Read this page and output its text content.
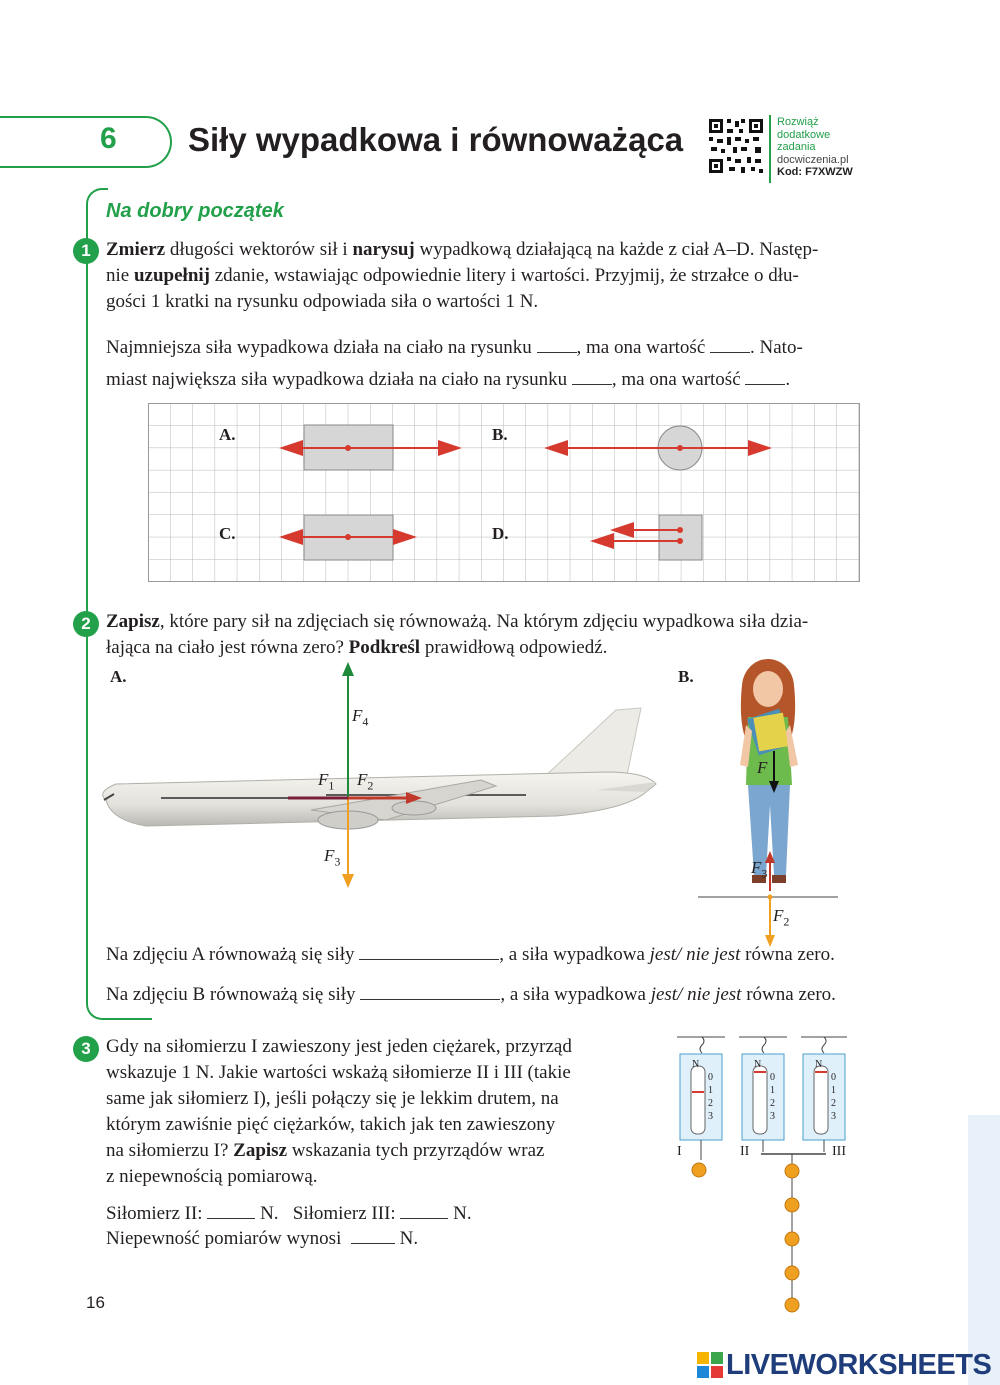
6 Siły wypadkowa i równoważąca	Rozwiąż
dodatkowe
zadania
docwiczenia.pl
Kod: F7XWZW
Na dobry początek
1 Zmierz długości wektorów sił i narysuj wypadkową działającą na każde z ciał A–D. Następ-
nie uzupełnij zdanie, wstawiając odpowiednie litery i wartości. Przyjmij, że strzałce o dłu-
gości 1 kratki na rysunku odpowiada siła o wartości 1 N.
Najmniejsza siła wypadkowa działa na ciało na rysunku , ma ona wartość . Nato-
miast największa siła wypadkowa działa na ciało na rysunku , ma ona wartość .
A.	B.
C.	D.
2 Zapisz, które pary sił na zdjęciach się równoważą. Na którym zdjęciu wypadkowa siła dzia-
łająca na ciało jest równa zero? Podkreśl prawidłową odpowiedź.
A.	B.
$F_4$
$F_1$ $F_2$
$F_3$
F
$F_3$
$F_2$
Na zdjęciu A równoważą się siły	, a siła wypadkowa jest/ nie jest równa zero.
Na zdjęciu B równoważą się siły	, a siła wypadkowa jest/ nie jest równa zero.
3 Gdy na siłomierzu I zawieszony jest jeden ciężarek, przyrząd
wskazuje 1 N. Jakie wartości wskażą siłomierze II i III (takie
same jak siłomierz I), jeśli połączy się je lekkim drutem, na
którym zawiśnie pięć ciężarków, takich jak ten zawieszony
na siłomierzu I? Zapisz wskazania tych przyrządów wraz
z niepewnością pomiarową.
Siłomierz II:	N.   Siłomierz III:	N.
Niepewność pomiarów wynosi   N.
I	II	III
N
0
1
2
3
N
0
1
2
3
N
0
1
2
3
16
LIVEWORKSHEETS
